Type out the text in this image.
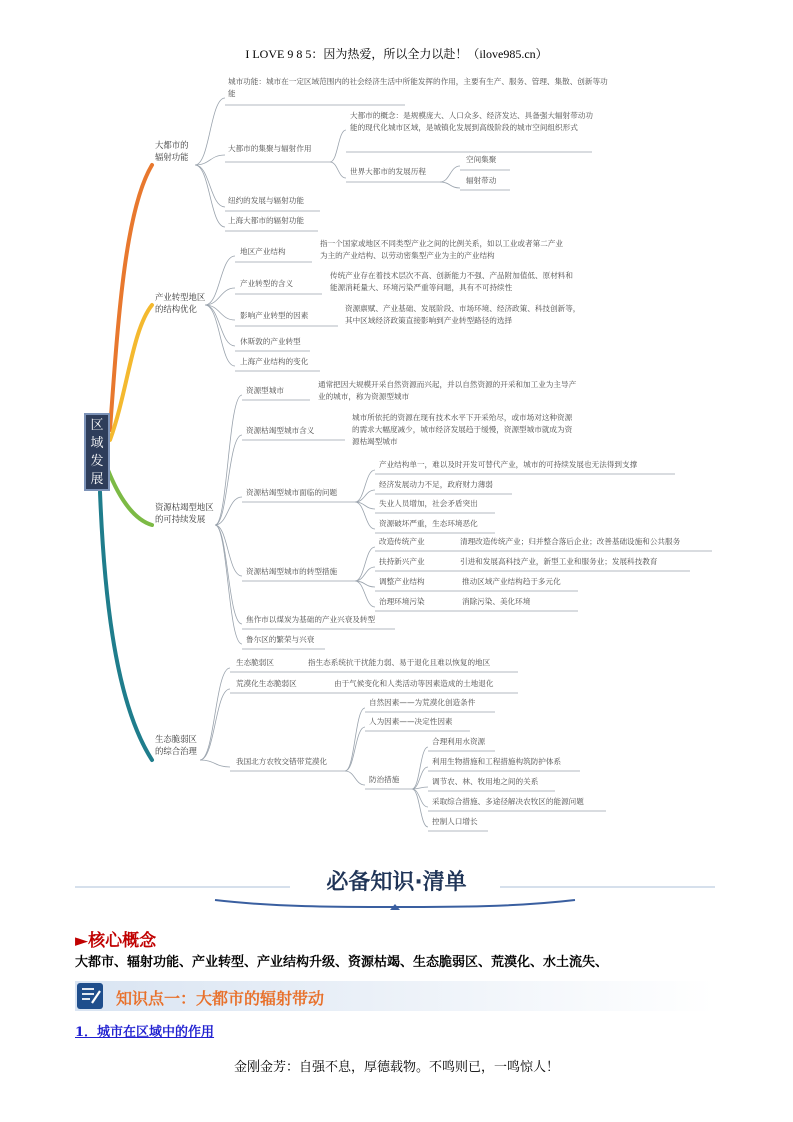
I LOVE 9 8 5：因为热爱，所以全力以赴！（ilove985.cn）
区
域
发
展
大都市的
辐射功能
城市功能：城市在一定区域范围内的社会经济生活中所能发挥的作用，主要有生产、服务、管理、集散、创新等功能
大都市的集聚与辐射作用
大都市的概念：是规模庞大、人口众多、经济发达、具备强大辐射带动功能的现代化城市区域，是城镇化发展到高级阶段的城市空间组织形式
世界大都市的发展历程
空间集聚
辐射带动
纽约的发展与辐射功能
上海大都市的辐射功能
产业转型地区
的结构优化
地区产业结构
指一个国家或地区不同类型产业之间的比例关系，如以工业或者第二产业为主的产业结构、以劳动密集型产业为主的产业结构
产业转型的含义
传统产业存在着技术层次不高、创新能力不强、产品附加值低、原材料和能源消耗量大、环境污染严重等问题，具有不可持续性
影响产业转型的因素
资源禀赋、产业基础、发展阶段、市场环境、经济政策、科技创新等，其中区域经济政策直接影响到产业转型路径的选择
休斯敦的产业转型
上海产业结构的变化
资源枯竭型地区
的可持续发展
资源型城市
通常把因大规模开采自然资源而兴起，并以自然资源的开采和加工业为主导产业的城市，称为资源型城市
资源枯竭型城市含义
城市所依托的资源在现有技术水平下开采殆尽，或市场对这种资源的需求大幅度减少，城市经济发展趋于缓慢，资源型城市就成为资源枯竭型城市
资源枯竭型城市面临的问题
产业结构单一，难以及时开发可替代产业，城市的可持续发展也无法得到支撑
经济发展动力不足，政府财力薄弱
失业人员增加，社会矛盾突出
资源破坏严重，生态环境恶化
资源枯竭型城市的转型措施
改造传统产业	清理改造传统产业；归并整合落后企业；改善基础设施和公共服务
扶持新兴产业	引进和发展高科技产业，新型工业和服务业；发展科技教育
调整产业结构	推动区域产业结构趋于多元化
治理环境污染	消除污染、美化环境
焦作市以煤炭为基础的产业兴衰及转型
鲁尔区的繁荣与兴衰
生态脆弱区
的综合治理
生态脆弱区	指生态系统抗干扰能力弱、易于退化且难以恢复的地区
荒漠化生态脆弱区	由于气候变化和人类活动等因素造成的土地退化
我国北方农牧交错带荒漠化
自然因素——为荒漠化创造条件
人为因素——决定性因素
防治措施
合理利用水资源
利用生物措施和工程措施构筑防护体系
调节农、林、牧用地之间的关系
采取综合措施、多途径解决农牧区的能源问题
控制人口增长
必备知识·清单
►核心概念
大都市、辐射功能、产业转型、产业结构升级、资源枯竭、生态脆弱区、荒漠化、水土流失、
知识点一：大都市的辐射带动
1．城市在区域中的作用
金刚金芳：自强不息，厚德载物。不鸣则已，一鸣惊人！
